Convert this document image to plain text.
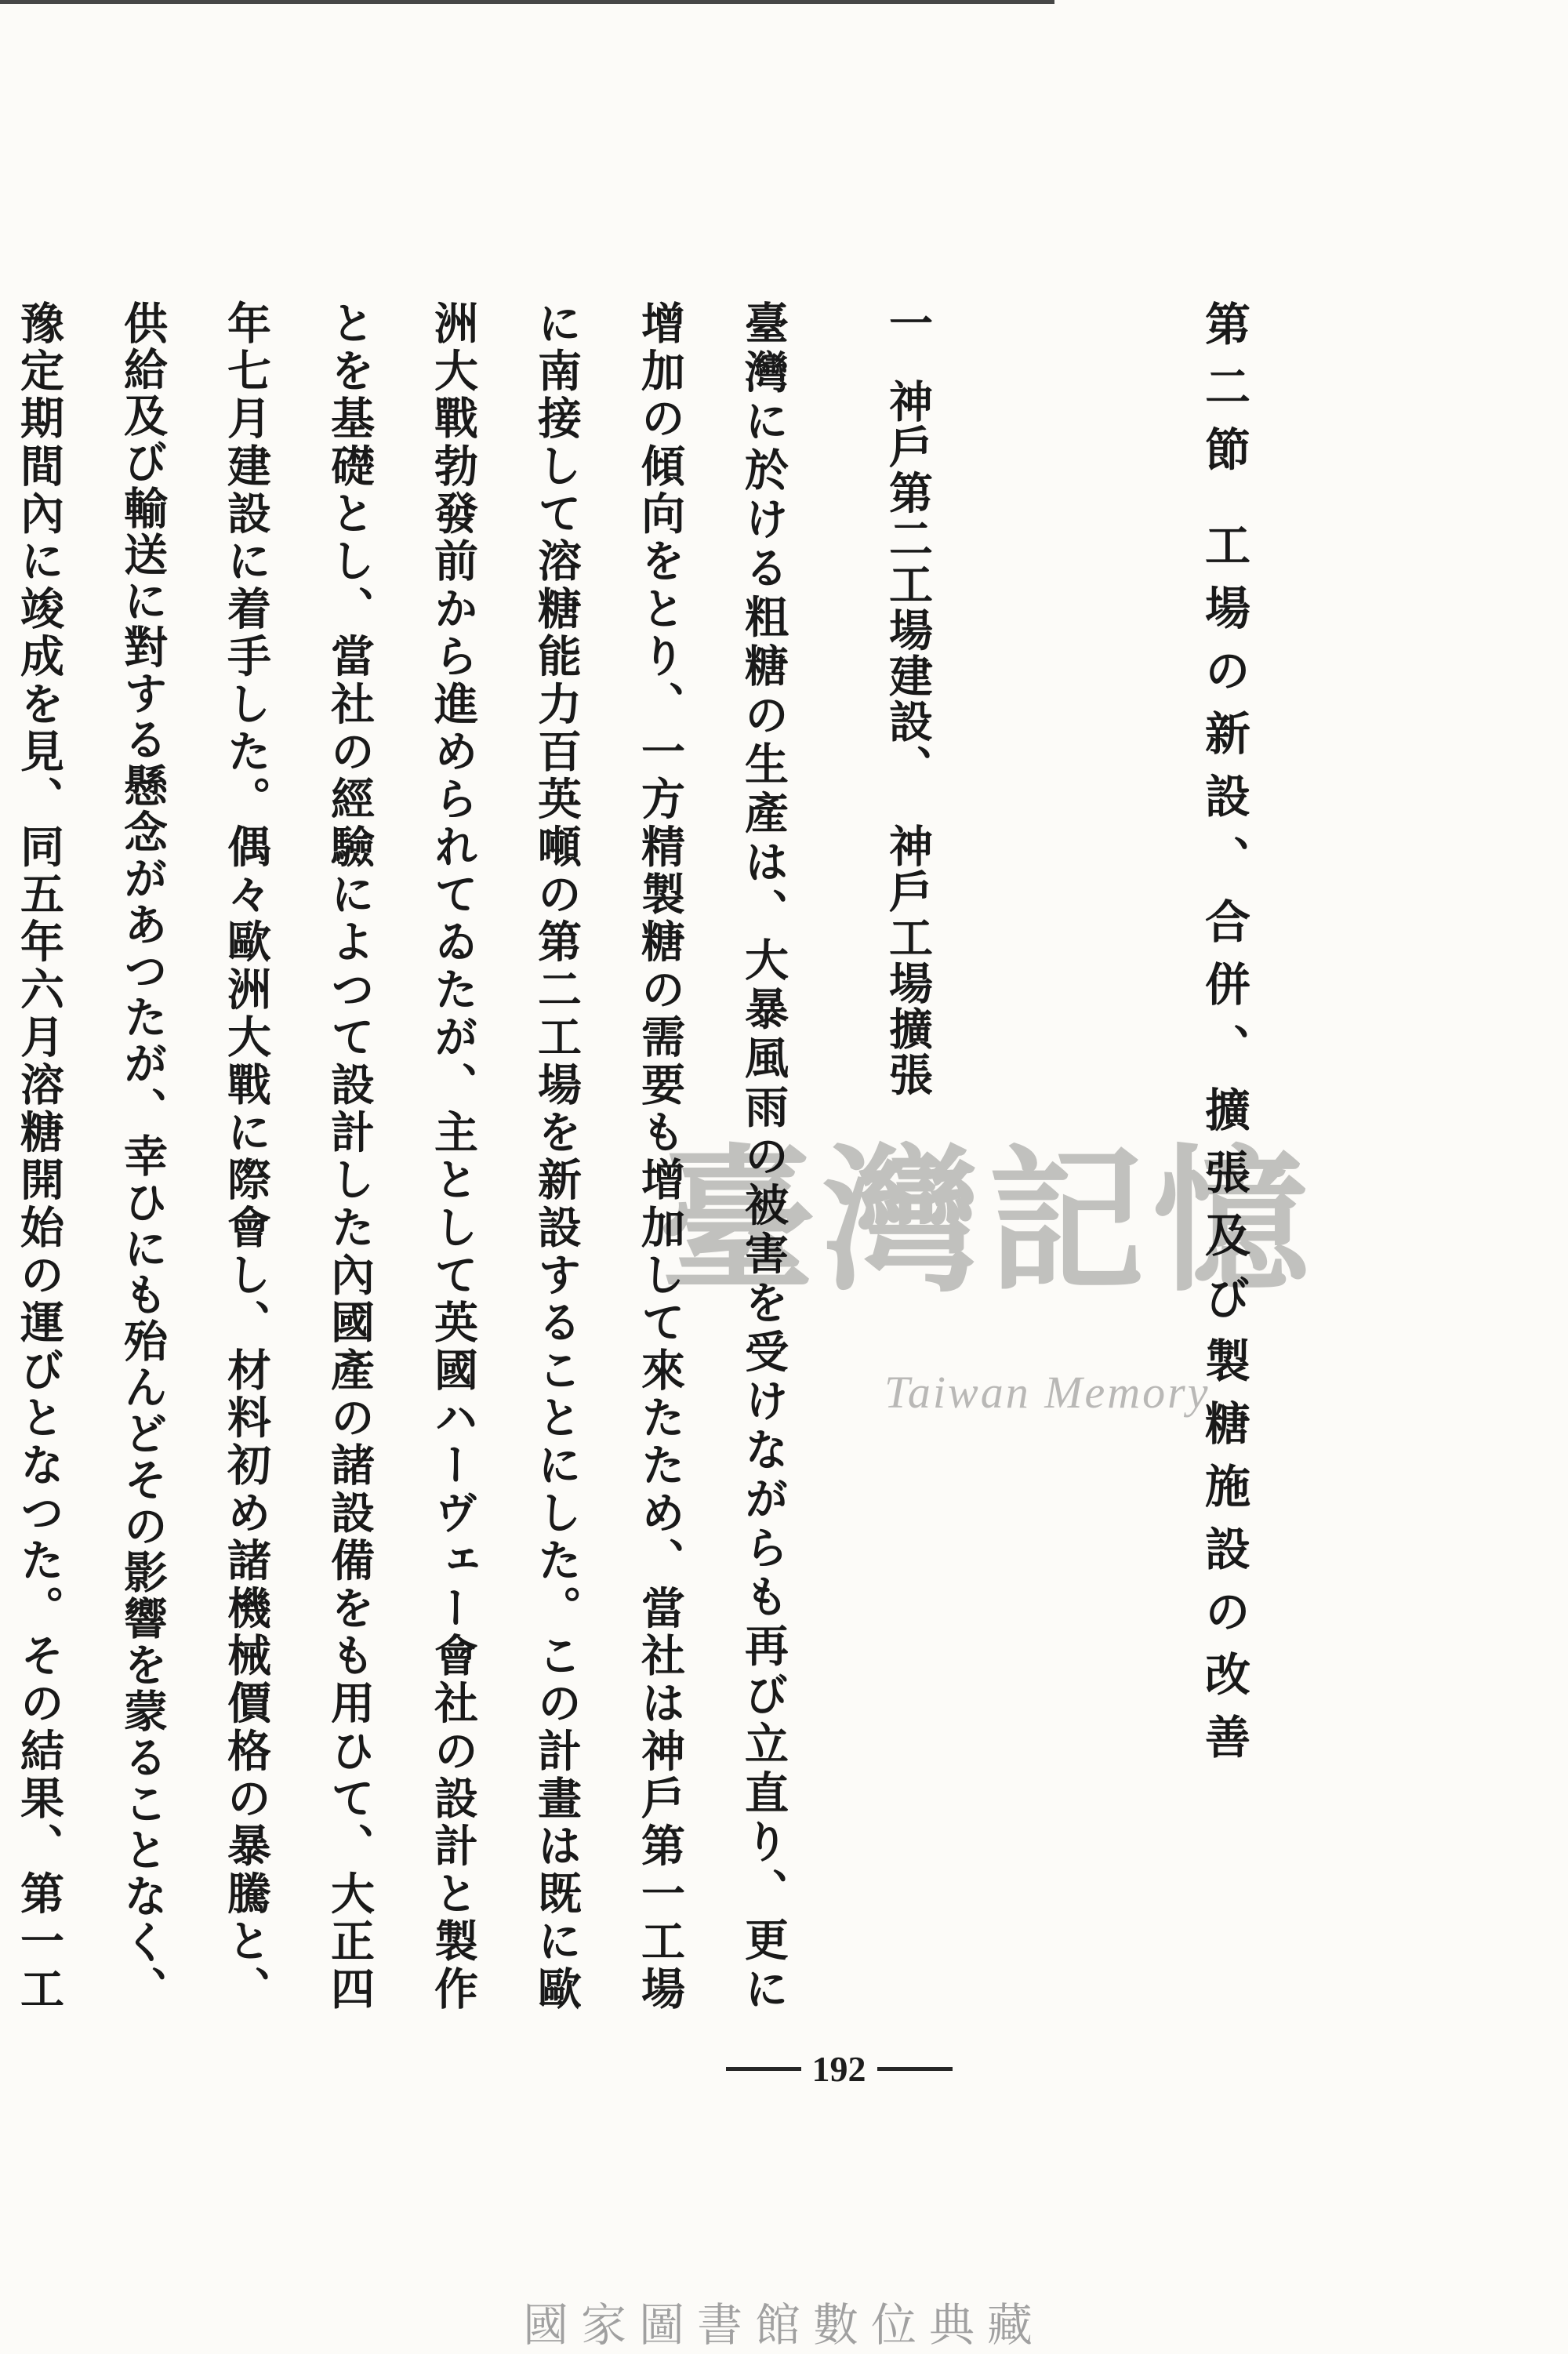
第二節工場の新設、合併、擴張及び製糖施設の改善
一神戶第二工場建設、神戶工場擴張
臺灣に於ける粗糖の生產は、大暴風雨の被害を受けながらも再び立直り、更に
增加の傾向をとり、一方精製糖の需要も增加して來たため、當社は神戶第一工場
に南接して溶糖能力百英噸の第二工場を新設することにした。この計畫は既に歐
洲大戰勃發前から進められてゐたが、主として英國ハーヴェー會社の設計と製作
とを基礎とし、當社の經驗によつて設計した內國產の諸設備をも用ひて、大正四
年七月建設に着手した。偶々歐洲大戰に際會し、材料初め諸機械價格の暴騰と、
供給及び輸送に對する懸念があつたが、幸ひにも殆んどその影響を蒙ることなく、
豫定期間內に竣成を見、同五年六月溶糖開始の運びとなつた。その結果、第一工	臺灣記憶
Taiwan Memory
192
國家圖書館數位典藏
